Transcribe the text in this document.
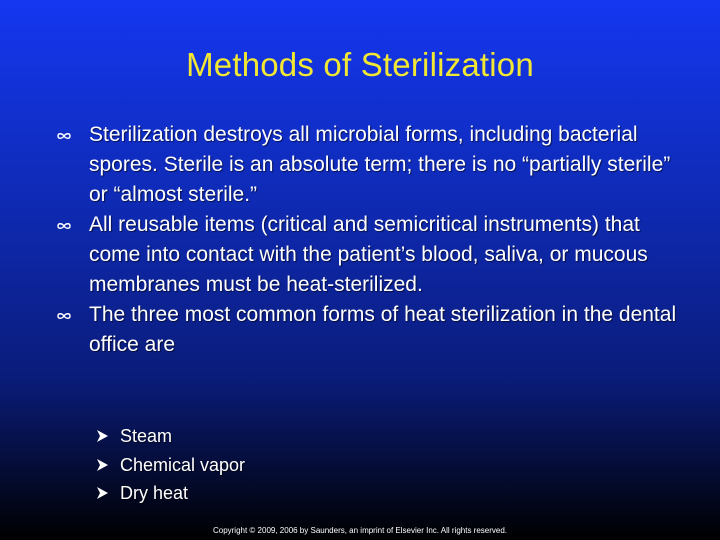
Methods of Sterilization
Sterilization destroys all microbial forms, including bacterial spores. Sterile is an absolute term; there is no “partially sterile”
or “almost sterile.”
All reusable items (critical and semicritical instruments) that come into contact with the patient’s blood, saliva, or mucous membranes must be heat-sterilized.
The three most common forms of heat sterilization in the dental office are
Steam
Chemical vapor
Dry heat
Copyright © 2009, 2006 by Saunders, an imprint of Elsevier Inc. All rights reserved.
